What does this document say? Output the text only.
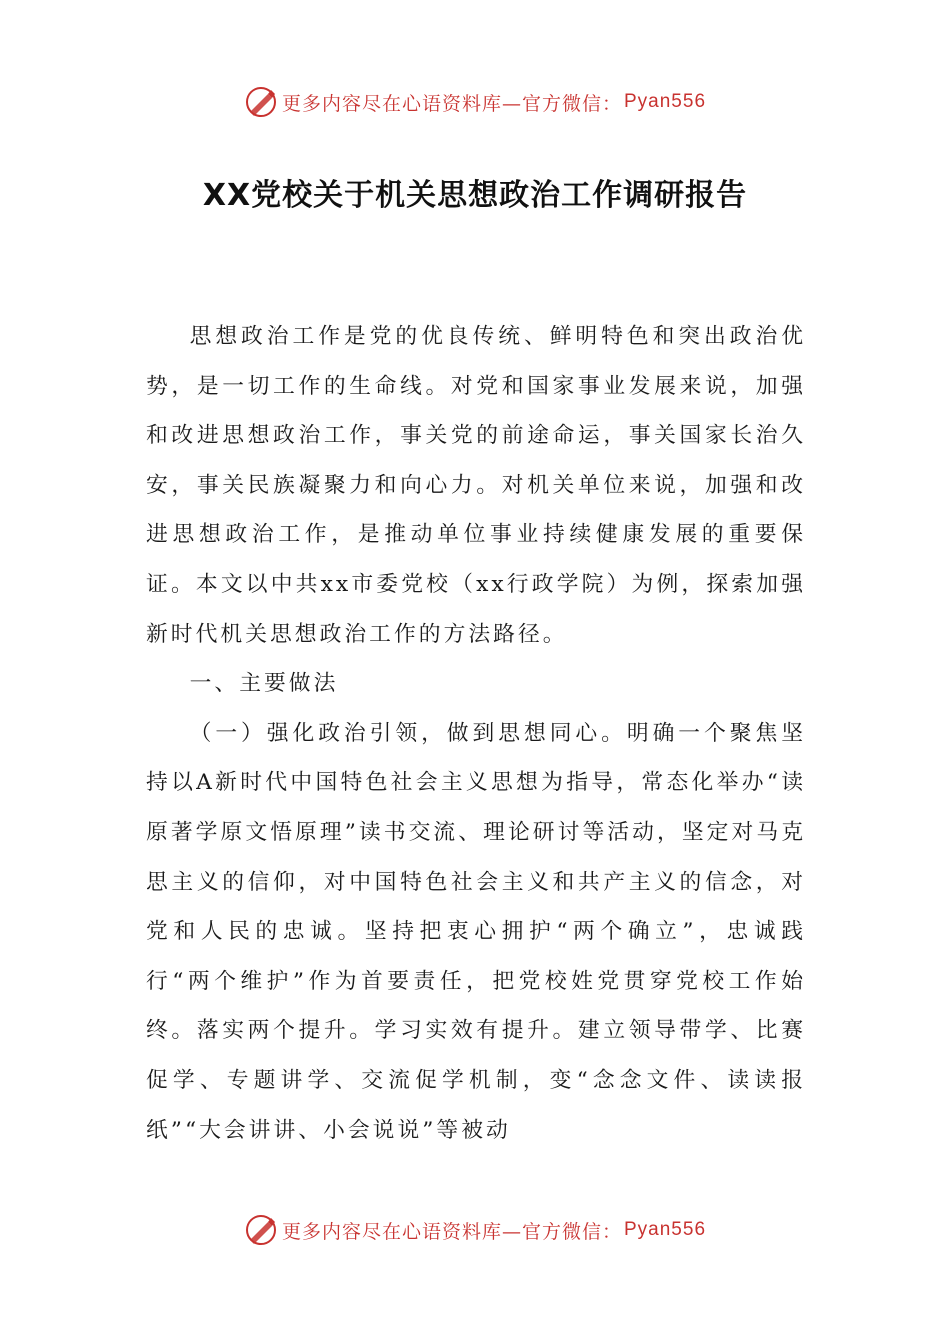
更多内容尽在心语资料库—官方微信： Pyan556
XX党校关于机关思想政治工作调研报告

思想政治工作是党的优良传统、鲜明特色和突出政治优势，是一切工作的生命线。对党和国家事业发展来说，加强和改进思想政治工作，事关党的前途命运，事关国家长治久安，事关民族凝聚力和向心力。对机关单位来说，加强和改进思想政治工作，是推动单位事业持续健康发展的重要保证。本文以中共xx市委党校（xx行政学院）为例，探索加强新时代机关思想政治工作的方法路径。

一、主要做法

（一）强化政治引领，做到思想同心。明确一个聚焦坚持以A新时代中国特色社会主义思想为指导，常态化举办“读原著学原文悟原理”读书交流、理论研讨等活动，坚定对马克思主义的信仰，对中国特色社会主义和共产主义的信念，对党和人民的忠诚。坚持把衷心拥护“两个确立”，忠诚践行“两个维护”作为首要责任，把党校姓党贯穿党校工作始终。落实两个提升。学习实效有提升。建立领导带学、比赛促学、专题讲学、交流促学机制，变“念念文件、读读报纸”“大会讲讲、小会说说”等被动

更多内容尽在心语资料库—官方微信： Pyan556
